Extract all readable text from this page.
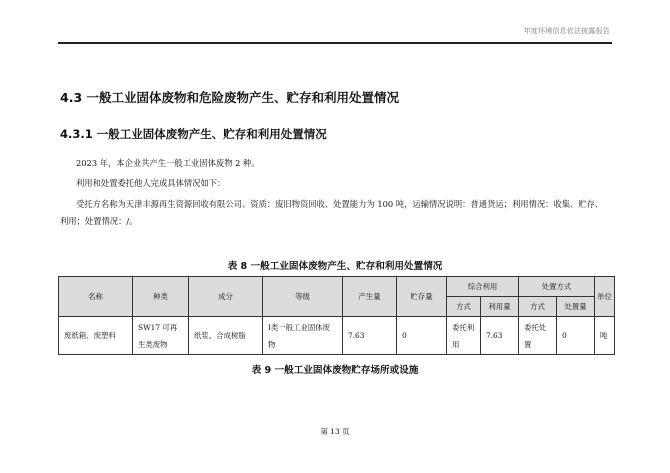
年度环境信息依法披露报告
4.3 一般工业固体废物和危险废物产生、贮存和利用处置情况
4.3.1 一般工业固体废物产生、贮存和利用处置情况

2023 年，本企业共产生一般工业固体废物 2 种。

利用和处置委托他人完成具体情况如下：

受托方名称为天津丰源再生资源回收有限公司、资质：废旧物资回收、处置能力为 100 吨，运输情况说明：普通货运；利用情况：收集、贮存、利用；处置情况：/。

表 8 一般工业固体废物产生、贮存和利用处置情况
名称	种类	成分	等级	产生量	贮存量	综合利用		处置方式		单位
						方式	利用量	方式	处置量	
废纸箱、废塑料	SW17 可再生类废物	纸浆、合成树脂	Ⅰ类一般工业固体废物	7.63	0	委托利用	7.63	委托处置	0	吨
表 9 一般工业固体废物贮存场所或设施
第 13 页
